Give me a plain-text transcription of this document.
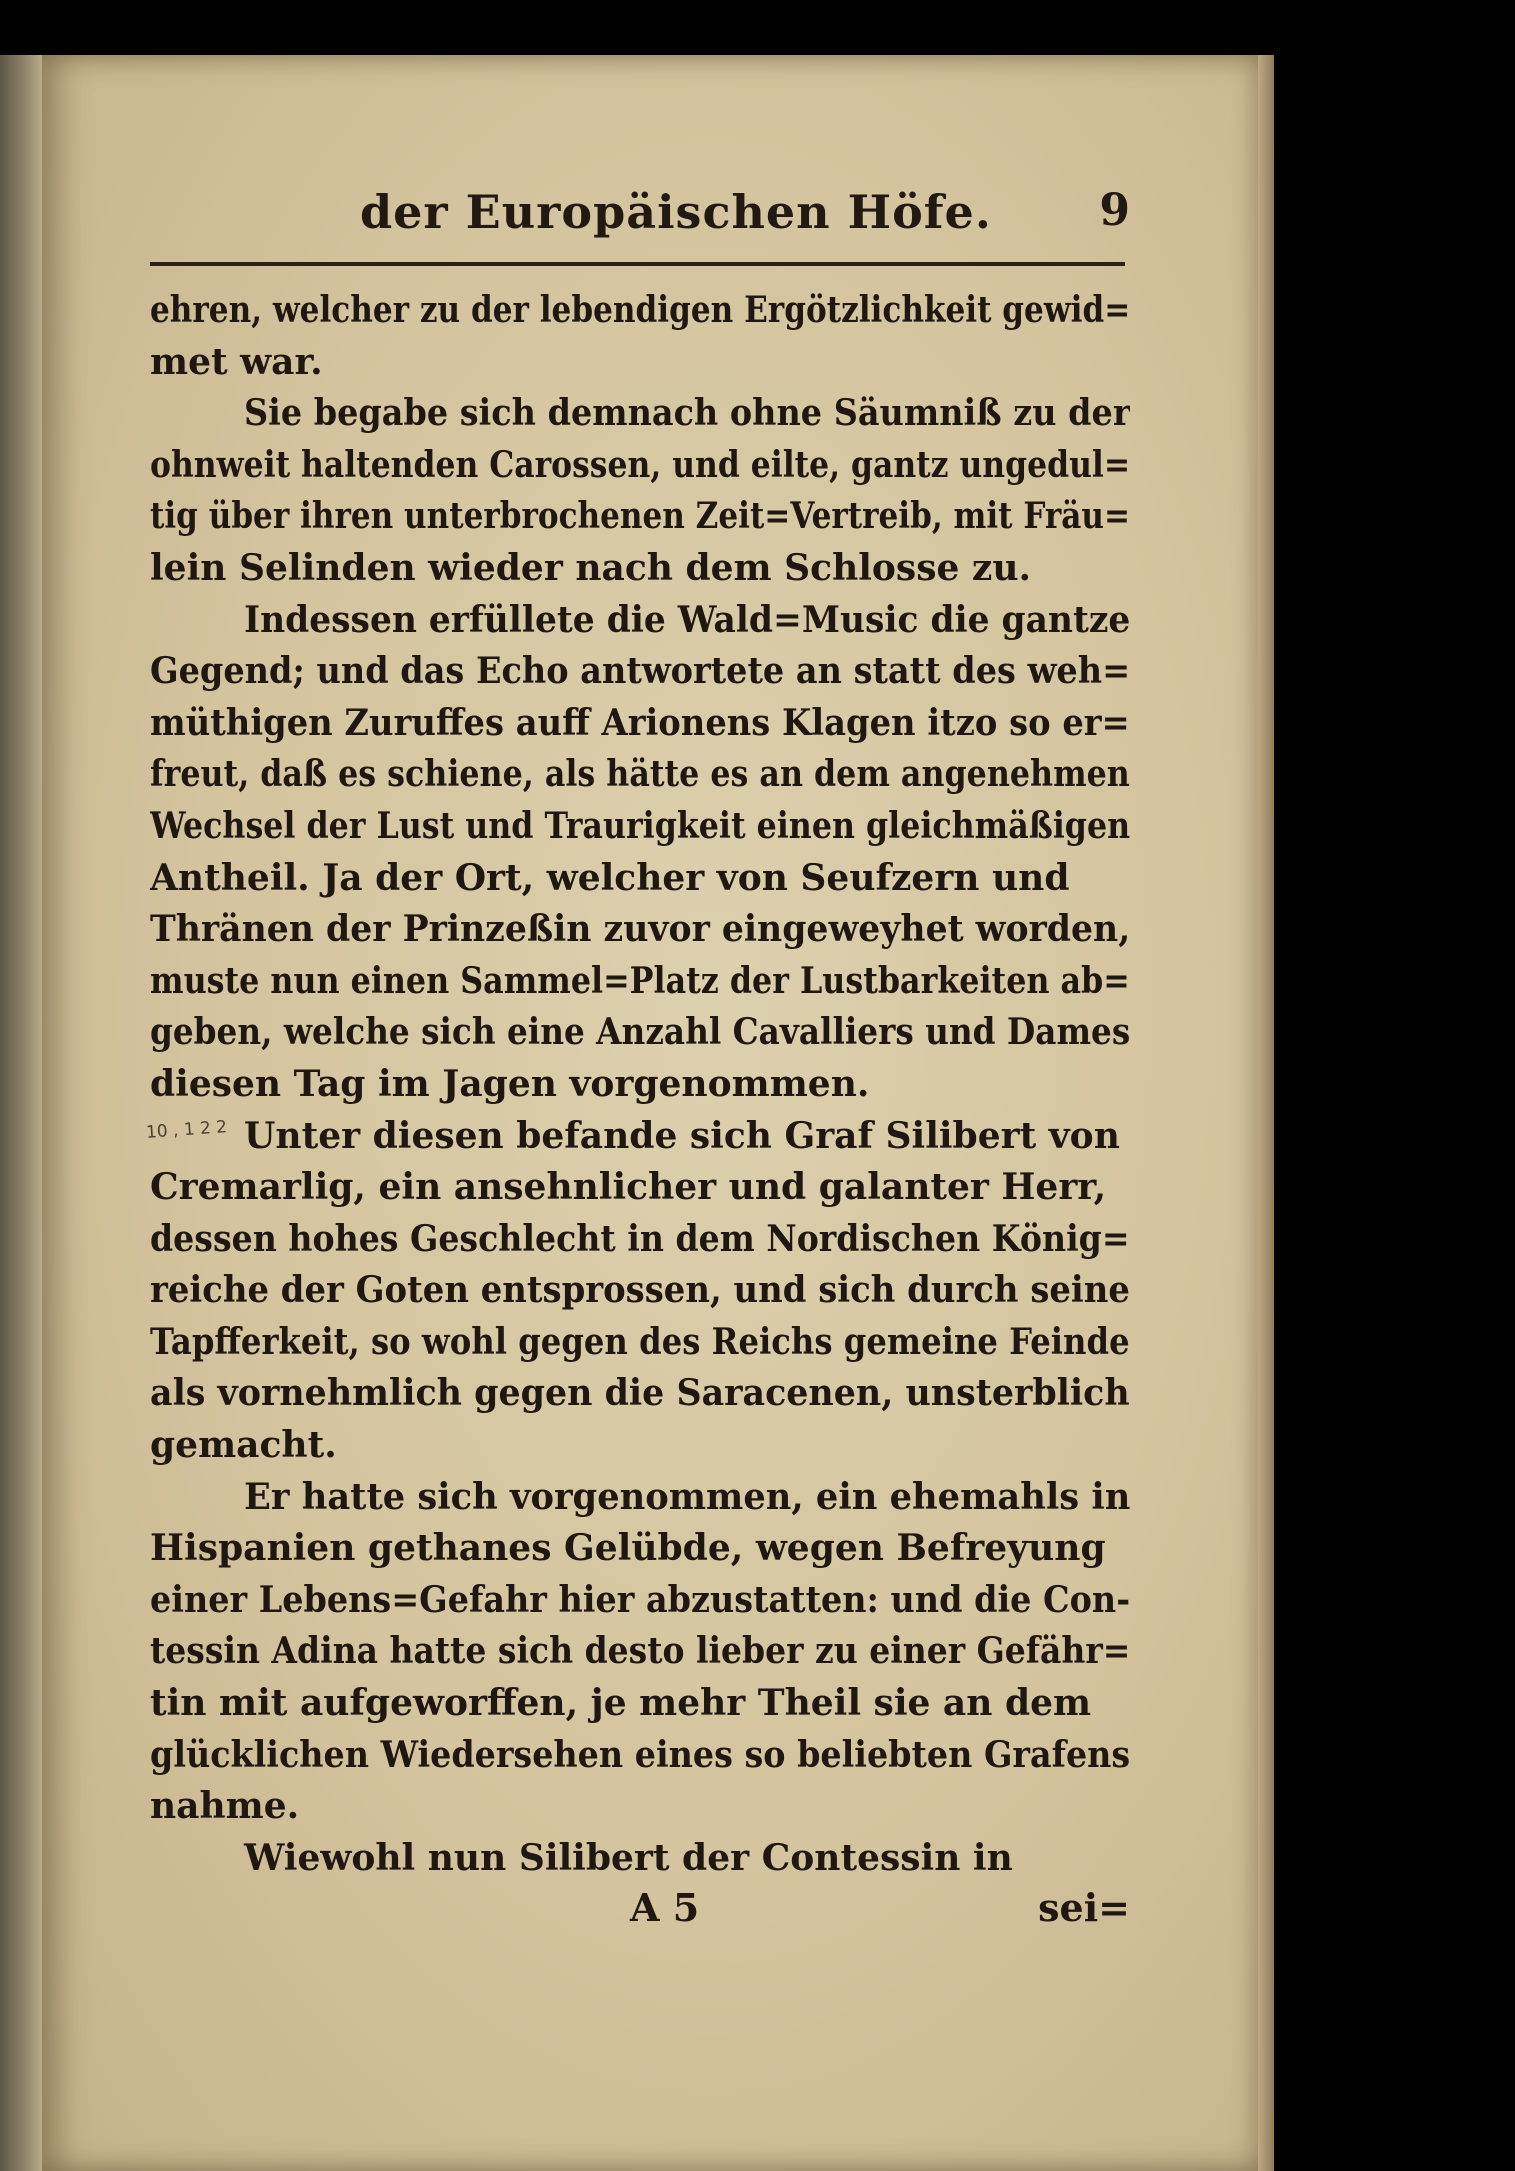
der Europäischen Höfe. 9
ehren, welcher zu der lebendigen Ergötzlichkeit gewid=
met war.
Sie begabe sich demnach ohne Säumniß zu der
ohnweit haltenden Carossen, und eilte, gantz ungedul=
tig über ihren unterbrochenen Zeit=Vertreib, mit Fräu=
lein Selinden wieder nach dem Schlosse zu.
Indessen erfüllete die Wald=Music die gantze
Gegend; und das Echo antwortete an statt des weh=
müthigen Zuruffes auff Arionens Klagen itzo so er=
freut, daß es schiene, als hätte es an dem angenehmen
Wechsel der Lust und Traurigkeit einen gleichmäßigen
Antheil. Ja der Ort, welcher von Seufzern und
Thränen der Prinzeßin zuvor eingeweyhet worden,
muste nun einen Sammel=Platz der Lustbarkeiten ab=
geben, welche sich eine Anzahl Cavalliers und Dames
diesen Tag im Jagen vorgenommen.
Unter diesen befande sich Graf Silibert von
Cremarlig, ein ansehnlicher und galanter Herr,
dessen hohes Geschlecht in dem Nordischen König=
reiche der Goten entsprossen, und sich durch seine
Tapfferkeit, so wohl gegen des Reichs gemeine Feinde
als vornehmlich gegen die Saracenen, unsterblich
gemacht.
Er hatte sich vorgenommen, ein ehemahls in
Hispanien gethanes Gelübde, wegen Befreyung
einer Lebens=Gefahr hier abzustatten: und die Con-
tessin Adina hatte sich desto lieber zu einer Gefähr=
tin mit aufgeworffen, je mehr Theil sie an dem
glücklichen Wiedersehen eines so beliebten Grafens
nahme.
Wiewohl nun Silibert der Contessin in
10 , 1 2 2
A 5	sei=
